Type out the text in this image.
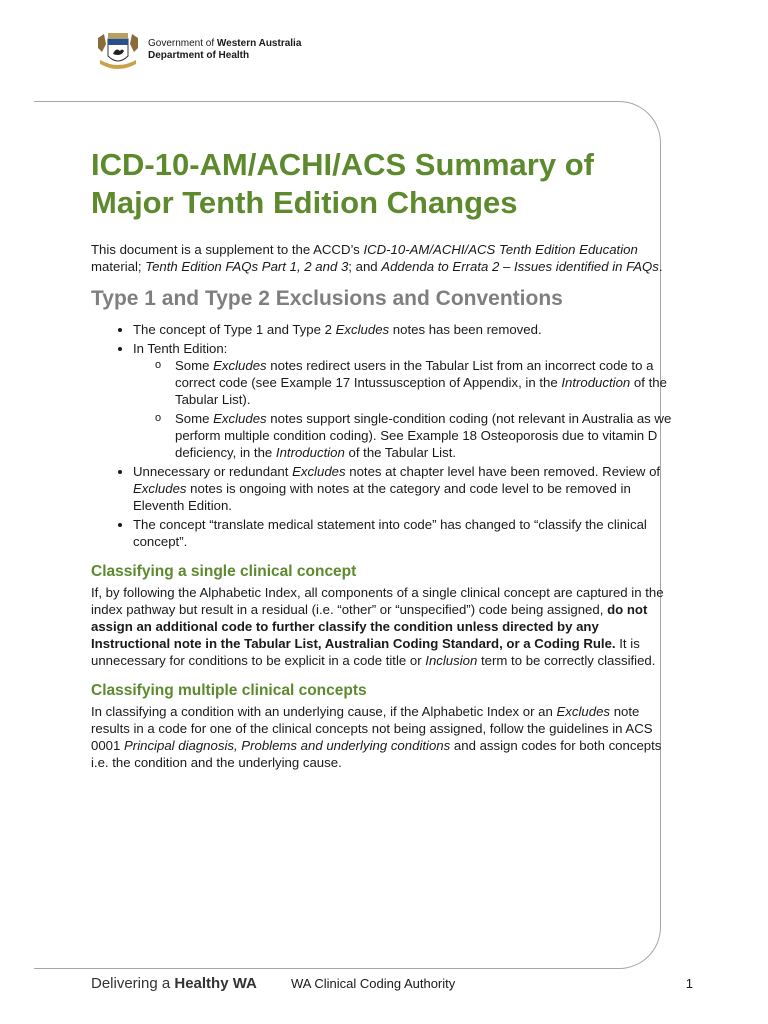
Government of Western Australia
Department of Health
ICD-10-AM/ACHI/ACS Summary of Major Tenth Edition Changes

This document is a supplement to the ACCD’s ICD-10-AM/ACHI/ACS Tenth Edition Education material; Tenth Edition FAQs Part 1, 2 and 3; and Addenda to Errata 2 – Issues identified in FAQs.

Type 1 and Type 2 Exclusions and Conventions
• The concept of Type 1 and Type 2 Excludes notes has been removed.
• In Tenth Edition:
o Some Excludes notes redirect users in the Tabular List from an incorrect code to a correct code (see Example 17 Intussusception of Appendix, in the Introduction of the Tabular List).
o Some Excludes notes support single-condition coding (not relevant in Australia as we perform multiple condition coding). See Example 18 Osteoporosis due to vitamin D deficiency, in the Introduction of the Tabular List.
• Unnecessary or redundant Excludes notes at chapter level have been removed. Review of Excludes notes is ongoing with notes at the category and code level to be removed in Eleventh Edition.
• The concept “translate medical statement into code” has changed to “classify the clinical concept”.
Classifying a single clinical concept

If, by following the Alphabetic Index, all components of a single clinical concept are captured in the index pathway but result in a residual (i.e. “other” or “unspecified”) code being assigned, do not assign an additional code to further classify the condition unless directed by any Instructional note in the Tabular List, Australian Coding Standard, or a Coding Rule. It is unnecessary for conditions to be explicit in a code title or Inclusion term to be correctly classified.

Classifying multiple clinical concepts

In classifying a condition with an underlying cause, if the Alphabetic Index or an Excludes note results in a code for one of the clinical concepts not being assigned, follow the guidelines in ACS 0001 Principal diagnosis, Problems and underlying conditions and assign codes for both concepts i.e. the condition and the underlying cause.

Delivering a Healthy WA	WA Clinical Coding Authority	1
